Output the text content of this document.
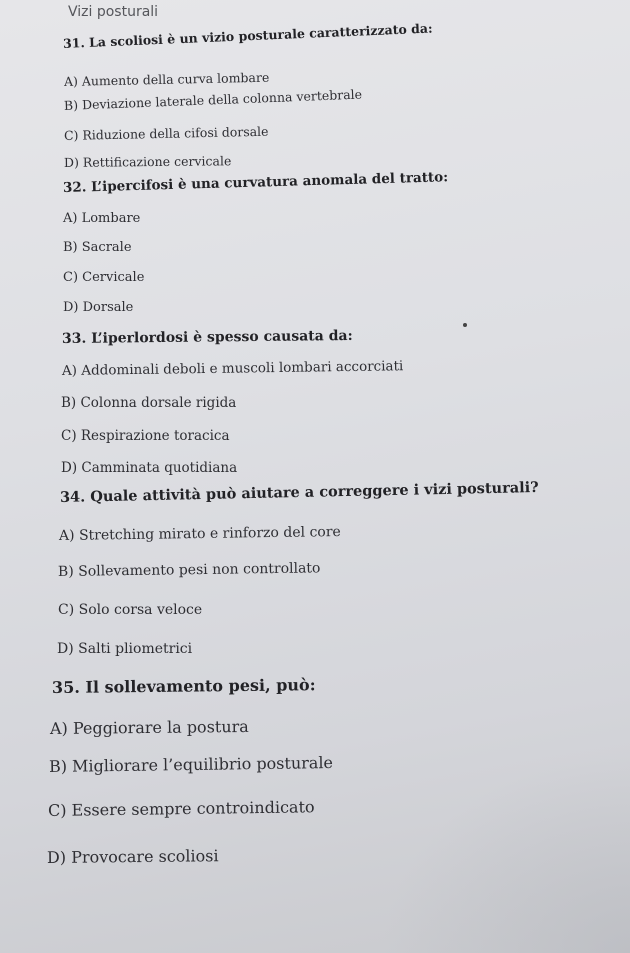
Vizi posturali
31. La scoliosi è un vizio posturale caratterizzato da:
A) Aumento della curva lombare
B) Deviazione laterale della colonna vertebrale
C) Riduzione della cifosi dorsale
D) Rettificazione cervicale
32. L’ipercifosi è una curvatura anomala del tratto:
A) Lombare
B) Sacrale
C) Cervicale
D) Dorsale
33. L’iperlordosi è spesso causata da:
A) Addominali deboli e muscoli lombari accorciati
B) Colonna dorsale rigida
C) Respirazione toracica
D) Camminata quotidiana
34. Quale attività può aiutare a correggere i vizi posturali?
A) Stretching mirato e rinforzo del core
B) Sollevamento pesi non controllato
C) Solo corsa veloce
D) Salti pliometrici
35. Il sollevamento pesi, può:
A) Peggiorare la postura
B) Migliorare l’equilibrio posturale
C) Essere sempre controindicato
D) Provocare scoliosi
